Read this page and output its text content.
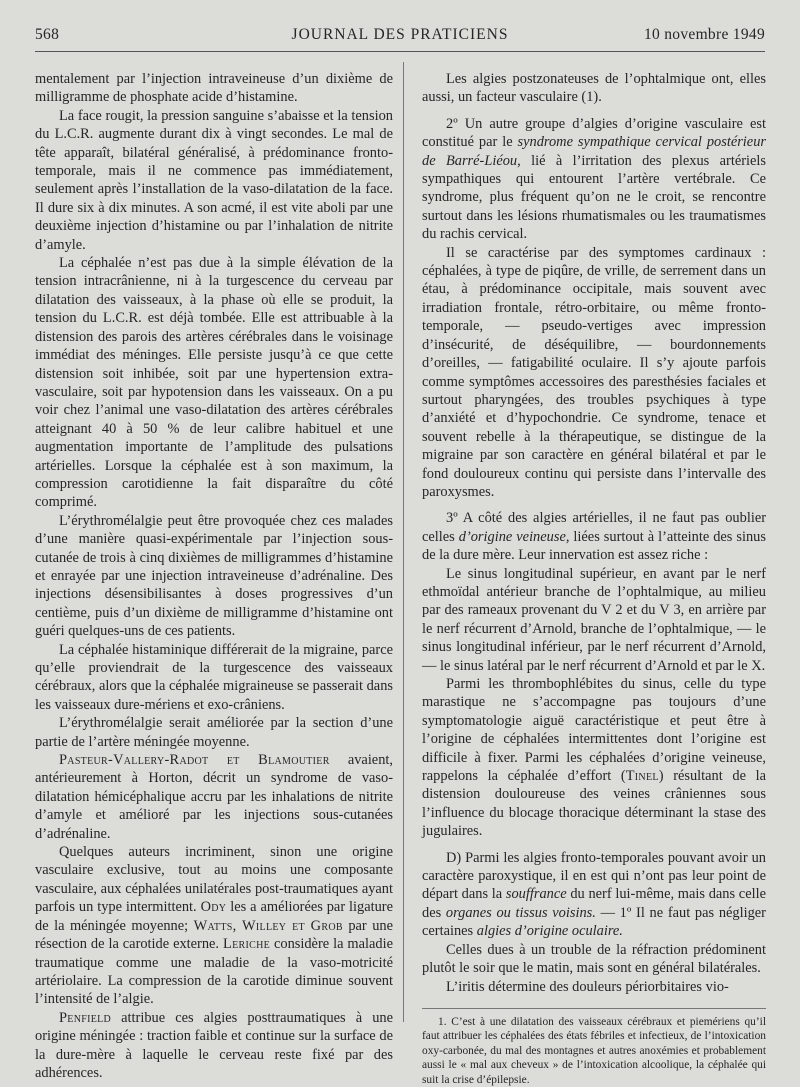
568	JOURNAL DES PRATICIENS	10 novembre 1949

mentalement par l’injection intraveineuse d’un dixième de milligramme de phosphate acide d’histamine.

La face rougit, la pression sanguine s’abaisse et la tension du L.C.R. augmente durant dix à vingt secondes. Le mal de tête apparaît, bilatéral généralisé, à prédominance fronto-temporale, mais il ne commence pas immédiatement, seulement après l’installation de la vaso-dilatation de la face. Il dure six à dix minutes. A son acmé, il est vite aboli par une deuxième injection d’histamine ou par l’inhalation de nitrite d’amyle.

La céphalée n’est pas due à la simple élévation de la tension intracrânienne, ni à la turgescence du cerveau par dilatation des vaisseaux, à la phase où elle se produit, la tension du L.C.R. est déjà tombée. Elle est attribuable à la distension des parois des artères cérébrales dans le voisinage immédiat des méninges. Elle persiste jusqu’à ce que cette distension soit inhibée, soit par une hypertension extra-vasculaire, soit par hypotension dans les vaisseaux. On a pu voir chez l’animal une vaso-dilatation des artères cérébrales atteignant 40 à 50 % de leur calibre habituel et une augmentation importante de l’amplitude des pulsations artérielles. Lorsque la céphalée est à son maximum, la compression carotidienne la fait disparaître du côté comprimé.

L’érythromélalgie peut être provoquée chez ces malades d’une manière quasi-expérimentale par l’injection sous-cutanée de trois à cinq dixièmes de milligrammes d’histamine et enrayée par une injection intraveineuse d’adrénaline. Des injections désensibilisantes à doses progressives d’un centième, puis d’un dixième de milligramme d’histamine ont guéri quelques-uns de ces patients.

La céphalée histaminique différerait de la migraine, parce qu’elle proviendrait de la turgescence des vaisseaux cérébraux, alors que la céphalée migraineuse se passerait dans les vaisseaux dure-mériens et exo-crâniens.

L’érythromélalgie serait améliorée par la section d’une partie de l’artère méningée moyenne.

Pasteur-Vallery-Radot et Blamoutier avaient, antérieurement à Horton, décrit un syndrome de vaso-dilatation hémicéphalique accru par les inhalations de nitrite d’amyle et amélioré par les injections sous-cutanées d’adrénaline.

Quelques auteurs incriminent, sinon une origine vasculaire exclusive, tout au moins une composante vasculaire, aux céphalées unilatérales post-traumatiques ayant parfois un type intermittent. Ody les a améliorées par ligature de la méningée moyenne; Watts, Willey et Grob par une résection de la carotide externe. Leriche considère la maladie traumatique comme une maladie de la vaso-motricité artériolaire. La compression de la carotide diminue souvent l’intensité de l’algie.

Penfield attribue ces algies posttraumatiques à une origine méningée : traction faible et continue sur la surface de la dure-mère à laquelle le cerveau reste fixé par des adhérences.

Les algies postzonateuses de l’ophtalmique ont, elles aussi, un facteur vasculaire (1).

2º Un autre groupe d’algies d’origine vasculaire est constitué par le syndrome sympathique cervical postérieur de Barré-Liéou, lié à l’irritation des plexus artériels sympathiques qui entourent l’artère vertébrale. Ce syndrome, plus fréquent qu’on ne le croit, se rencontre surtout dans les lésions rhumatismales ou les traumatismes du rachis cervical.

Il se caractérise par des symptomes cardinaux : céphalées, à type de piqûre, de vrille, de serrement dans un étau, à prédominance occipitale, mais souvent avec irradiation frontale, rétro-orbitaire, ou même fronto-temporale, — pseudo-vertiges avec impression d’insécurité, de déséquilibre, — bourdonnements d’oreilles, — fatigabilité oculaire. Il s’y ajoute parfois comme symptômes accessoires des paresthésies faciales et surtout pharyngées, des troubles psychiques à type d’anxiété et d’hypochondrie. Ce syndrome, tenace et souvent rebelle à la thérapeutique, se distingue de la migraine par son caractère en général bilatéral et par le fond douloureux continu qui persiste dans l’intervalle des paroxysmes.

3º A côté des algies artérielles, il ne faut pas oublier celles d’origine veineuse, liées surtout à l’atteinte des sinus de la dure mère. Leur innervation est assez riche :

Le sinus longitudinal supérieur, en avant par le nerf ethmoïdal antérieur branche de l’ophtalmique, au milieu par des rameaux provenant du V 2 et du V 3, en arrière par le nerf récurrent d’Arnold, branche de l’ophtalmique, — le sinus longitudinal inférieur, par le nerf récurrent d’Arnold, — le sinus latéral par le nerf récurrent d’Arnold et par le X.

Parmi les thrombophlébites du sinus, celle du type marastique ne s’accompagne pas toujours d’une symptomatologie aiguë caractéristique et peut être à l’origine de céphalées intermittentes dont l’origine est difficile à fixer. Parmi les céphalées d’origine veineuse, rappelons la céphalée d’effort (Tinel) résultant de la distension douloureuse des veines crâniennes sous l’influence du blocage thoracique déterminant la stase des jugulaires.

D) Parmi les algies fronto-temporales pouvant avoir un caractère paroxystique, il en est qui n’ont pas leur point de départ dans la souffrance du nerf lui-même, mais dans celle des organes ou tissus voisins. — 1º Il ne faut pas négliger certaines algies d’origine oculaire.

Celles dues à un trouble de la réfraction prédominent plutôt le soir que le matin, mais sont en général bilatérales.

L’iritis détermine des douleurs périorbitaires vio-

1. C’est à une dilatation des vaisseaux cérébraux et piemériens qu’il faut attribuer les céphalées des états fébriles et infectieux, de l’intoxication oxy-carbonée, du mal des montagnes et autres anoxémies et probablement aussi le « mal aux cheveux » de l’intoxication alcoolique, la céphalée qui suit la crise d’épilepsie.
